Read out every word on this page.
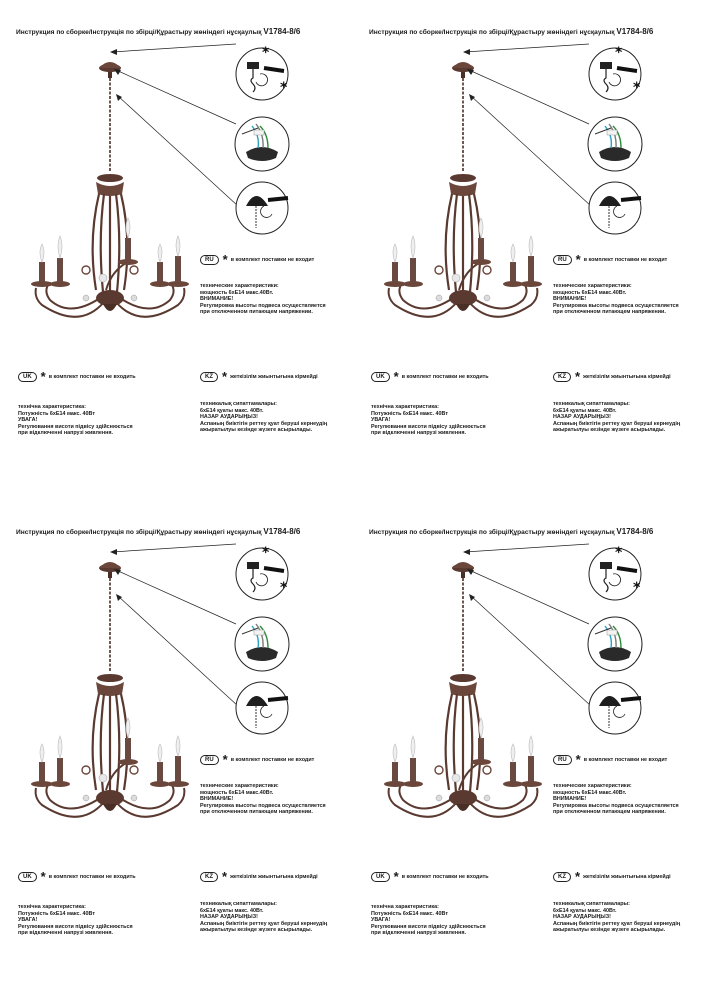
Инструкция по сборке/Інструкція по збірці/Құрастыру жөніндегі нұсқаулық V1784-8/6
*
*
RU * в комплект поставки не входит
технические характеристики:
мощность 6хЕ14 макс.40Вт.
ВНИМАНИЕ!
Регулировка высоты подвеса осуществляется
при отключенном питающем напряжении.
UK * в комплект поставки не входить
технічна характеристика:
Потужність 6хЕ14 макс. 40Вт
УВАГА!
Регулювання висоти підвісу здійснюється
при відключенні напрузі живлення.
KZ * жеткізілім жиынтығына кірмейді
техникалық сипаттамалары:
6хЕ14 қуаты макс. 40Вт.
НАЗАР АУДАРЫҢЫЗ!
Аспаның биіктігін реттеу қуат беруші кернеудің
ажыратылуы кезінде жүзеге асырылады.
Инструкция по сборке/Інструкція по збірці/Құрастыру жөніндегі нұсқаулық V1784-8/6
*
*
RU * в комплект поставки не входит
технические характеристики:
мощность 6хЕ14 макс.40Вт.
ВНИМАНИЕ!
Регулировка высоты подвеса осуществляется
при отключенном питающем напряжении.
UK * в комплект поставки не входить
технічна характеристика:
Потужність 6хЕ14 макс. 40Вт
УВАГА!
Регулювання висоти підвісу здійснюється
при відключенні напрузі живлення.
KZ * жеткізілім жиынтығына кірмейді
техникалық сипаттамалары:
6хЕ14 қуаты макс. 40Вт.
НАЗАР АУДАРЫҢЫЗ!
Аспаның биіктігін реттеу қуат беруші кернеудің
ажыратылуы кезінде жүзеге асырылады.
Инструкция по сборке/Інструкція по збірці/Құрастыру жөніндегі нұсқаулық V1784-8/6
*
*
RU * в комплект поставки не входит
технические характеристики:
мощность 6хЕ14 макс.40Вт.
ВНИМАНИЕ!
Регулировка высоты подвеса осуществляется
при отключенном питающем напряжении.
UK * в комплект поставки не входить
технічна характеристика:
Потужність 6хЕ14 макс. 40Вт
УВАГА!
Регулювання висоти підвісу здійснюється
при відключенні напрузі живлення.
KZ * жеткізілім жиынтығына кірмейді
техникалық сипаттамалары:
6хЕ14 қуаты макс. 40Вт.
НАЗАР АУДАРЫҢЫЗ!
Аспаның биіктігін реттеу қуат беруші кернеудің
ажыратылуы кезінде жүзеге асырылады.
Инструкция по сборке/Інструкція по збірці/Құрастыру жөніндегі нұсқаулық V1784-8/6
*
*
RU * в комплект поставки не входит
технические характеристики:
мощность 6хЕ14 макс.40Вт.
ВНИМАНИЕ!
Регулировка высоты подвеса осуществляется
при отключенном питающем напряжении.
UK * в комплект поставки не входить
технічна характеристика:
Потужність 6хЕ14 макс. 40Вт
УВАГА!
Регулювання висоти підвісу здійснюється
при відключенні напрузі живлення.
KZ * жеткізілім жиынтығына кірмейді
техникалық сипаттамалары:
6хЕ14 қуаты макс. 40Вт.
НАЗАР АУДАРЫҢЫЗ!
Аспаның биіктігін реттеу қуат беруші кернеудің
ажыратылуы кезінде жүзеге асырылады.
